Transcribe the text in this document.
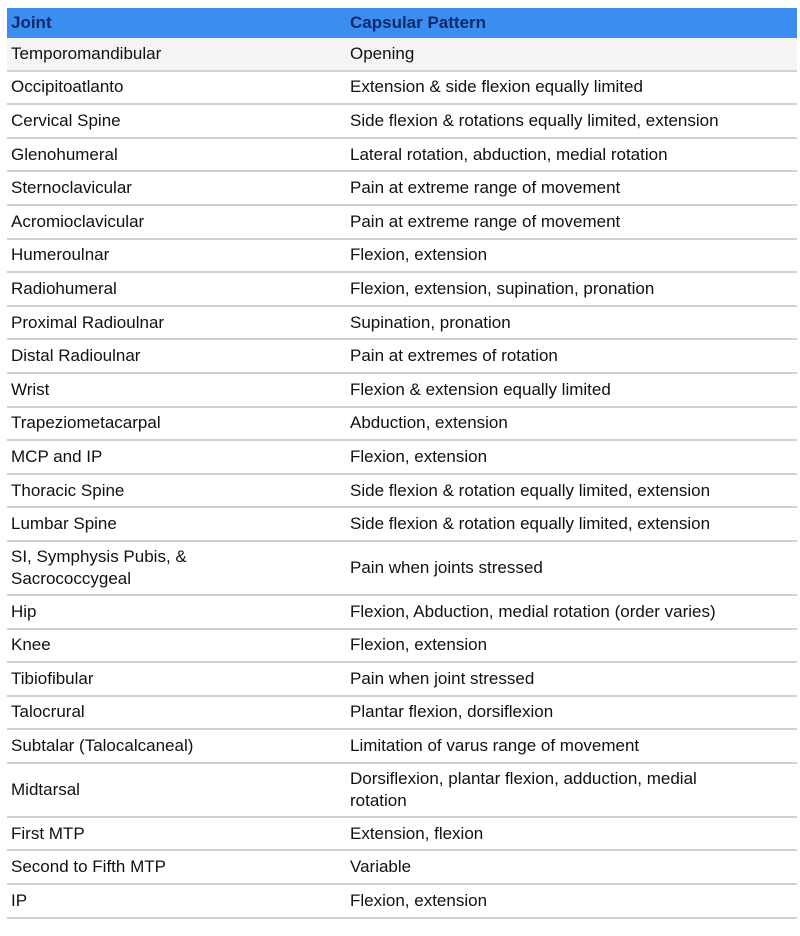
Joint	Capsular Pattern
Temporomandibular	Opening
Occipitoatlanto	Extension & side flexion equally limited
Cervical Spine	Side flexion & rotations equally limited, extension
Glenohumeral	Lateral rotation, abduction, medial rotation
Sternoclavicular	Pain at extreme range of movement
Acromioclavicular	Pain at extreme range of movement
Humeroulnar	Flexion, extension
Radiohumeral	Flexion, extension, supination, pronation
Proximal Radioulnar	Supination, pronation
Distal Radioulnar	Pain at extremes of rotation
Wrist	Flexion & extension equally limited
Trapeziometacarpal	Abduction, extension
MCP and IP	Flexion, extension
Thoracic Spine	Side flexion & rotation equally limited, extension
Lumbar Spine	Side flexion & rotation equally limited, extension
SI, Symphysis Pubis, & Sacrococcygeal	Pain when joints stressed
Hip	Flexion, Abduction, medial rotation (order varies)
Knee	Flexion, extension
Tibiofibular	Pain when joint stressed
Talocrural	Plantar flexion, dorsiflexion
Subtalar (Talocalcaneal)	Limitation of varus range of movement
Midtarsal	Dorsiflexion, plantar flexion, adduction, medial rotation
First MTP	Extension, flexion
Second to Fifth MTP	Variable
IP	Flexion, extension
